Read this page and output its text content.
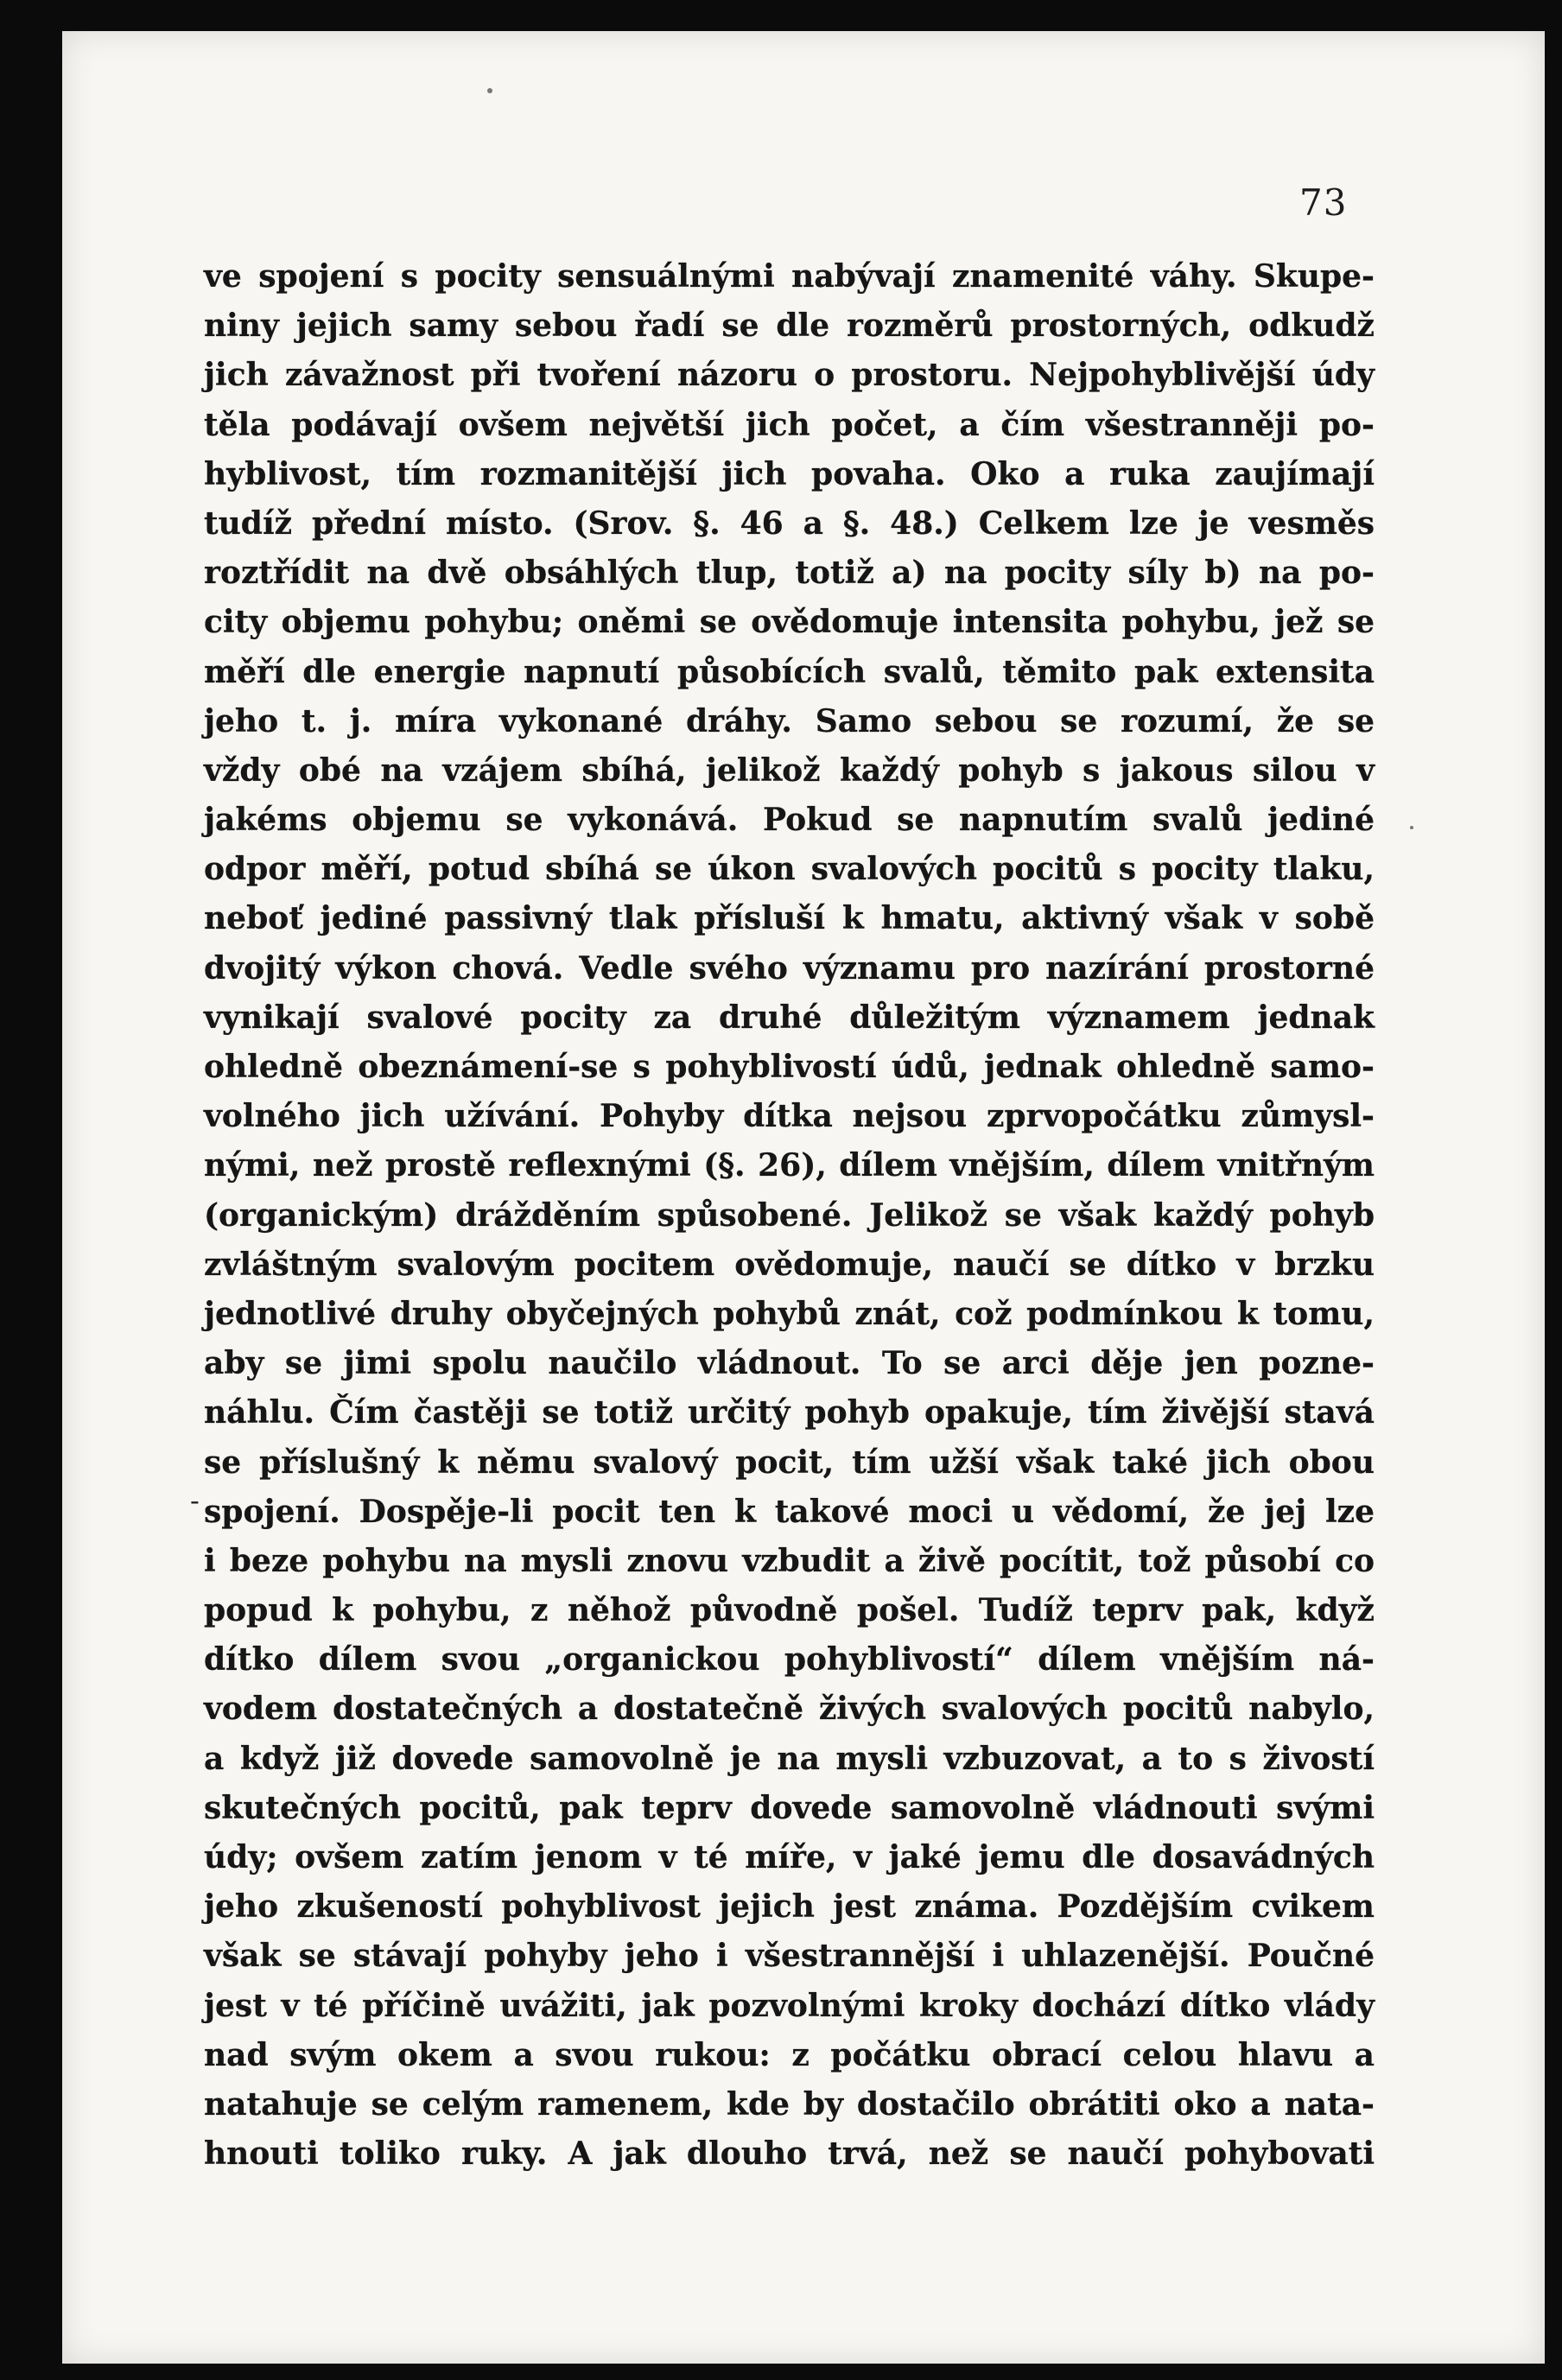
73
ve spojení s pocity sensuálnými nabývají znamenité váhy. Skupe-
niny jejich samy sebou řadí se dle rozměrů prostorných, odkudž
jich závažnost při tvoření názoru o prostoru. Nejpohyblivější údy
těla podávají ovšem největší jich počet, a čím všestranněji po-
hyblivost, tím rozmanitější jich povaha. Oko a ruka zaujímají
tudíž přední místo. (Srov. §. 46 a §. 48.) Celkem lze je vesměs
roztřídit na dvě obsáhlých tlup, totiž a) na pocity síly b) na po-
city objemu pohybu; oněmi se ovědomuje intensita pohybu, jež se
měří dle energie napnutí působících svalů, těmito pak extensita
jeho t. j. míra vykonané dráhy. Samo sebou se rozumí, že se
vždy obé na vzájem sbíhá, jelikož každý pohyb s jakous silou v
jakéms objemu se vykonává. Pokud se napnutím svalů jediné
odpor měří, potud sbíhá se úkon svalových pocitů s pocity tlaku,
neboť jediné passivný tlak přísluší k hmatu, aktivný však v sobě
dvojitý výkon chová. Vedle svého významu pro nazírání prostorné
vynikají svalové pocity za druhé důležitým významem jednak
ohledně obeznámení-se s pohyblivostí údů, jednak ohledně samo-
volného jich užívání. Pohyby dítka nejsou zprvopočátku zůmysl-
nými, než prostě reflexnými (§. 26), dílem vnějším, dílem vnitřným
(organickým) drážděním spůsobené. Jelikož se však každý pohyb
zvláštným svalovým pocitem ovědomuje, naučí se dítko v brzku
jednotlivé druhy obyčejných pohybů znát, což podmínkou k tomu,
aby se jimi spolu naučilo vládnout. To se arci děje jen pozne-
náhlu. Čím častěji se totiž určitý pohyb opakuje, tím živější stavá
se příslušný k němu svalový pocit, tím užší však také jich obou
spojení. Dospěje-li pocit ten k takové moci u vědomí, že jej lze
i beze pohybu na mysli znovu vzbudit a živě pocítit, tož působí co
popud k pohybu, z něhož původně pošel. Tudíž teprv pak, když
dítko dílem svou „organickou pohyblivostí“ dílem vnějším ná-
vodem dostatečných a dostatečně živých svalových pocitů nabylo,
a když již dovede samovolně je na mysli vzbuzovat, a to s živostí
skutečných pocitů, pak teprv dovede samovolně vládnouti svými
údy; ovšem zatím jenom v té míře, v jaké jemu dle dosavádných
jeho zkušeností pohyblivost jejich jest známa. Pozdějším cvikem
však se stávají pohyby jeho i všestrannější i uhlazenější. Poučné
jest v té příčině uvážiti, jak pozvolnými kroky dochází dítko vlády
nad svým okem a svou rukou: z počátku obrací celou hlavu a
natahuje se celým ramenem, kde by dostačilo obrátiti oko a nata-
hnouti toliko ruky. A jak dlouho trvá, než se naučí pohybovati
-
